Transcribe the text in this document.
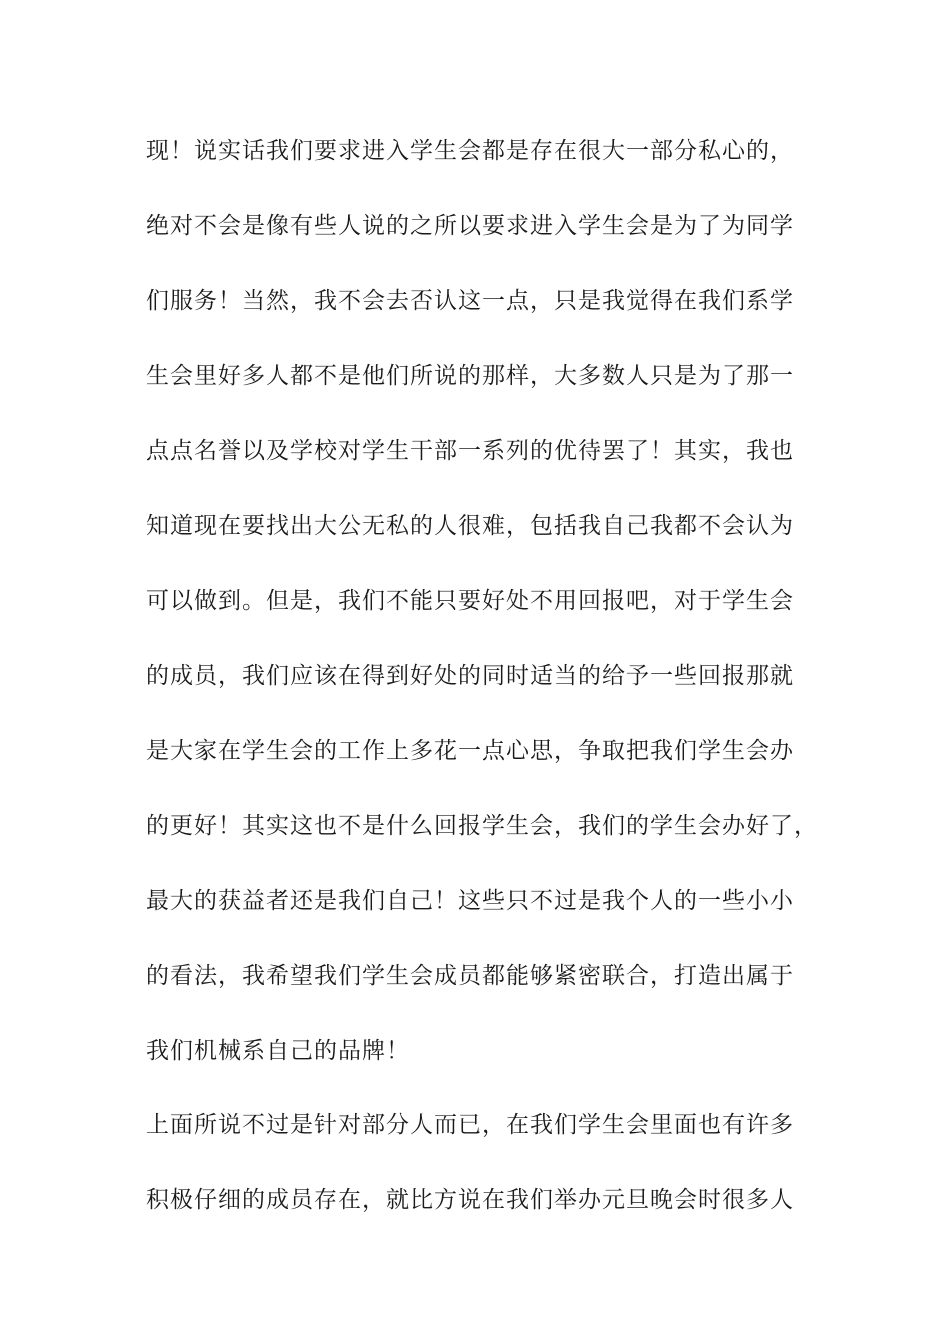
现！说实话我们要求进入学生会都是存在很大一部分私心的，
绝对不会是像有些人说的之所以要求进入学生会是为了为同学
们服务！当然，我不会去否认这一点，只是我觉得在我们系学
生会里好多人都不是他们所说的那样，大多数人只是为了那一
点点名誉以及学校对学生干部一系列的优待罢了！其实，我也
知道现在要找出大公无私的人很难，包括我自己我都不会认为
可以做到。但是，我们不能只要好处不用回报吧，对于学生会
的成员，我们应该在得到好处的同时适当的给予一些回报那就
是大家在学生会的工作上多花一点心思，争取把我们学生会办
的更好！其实这也不是什么回报学生会，我们的学生会办好了，
最大的获益者还是我们自己！这些只不过是我个人的一些小小
的看法，我希望我们学生会成员都能够紧密联合，打造出属于
我们机械系自己的品牌！
上面所说不过是针对部分人而已，在我们学生会里面也有许多
积极仔细的成员存在，就比方说在我们举办元旦晚会时很多人
